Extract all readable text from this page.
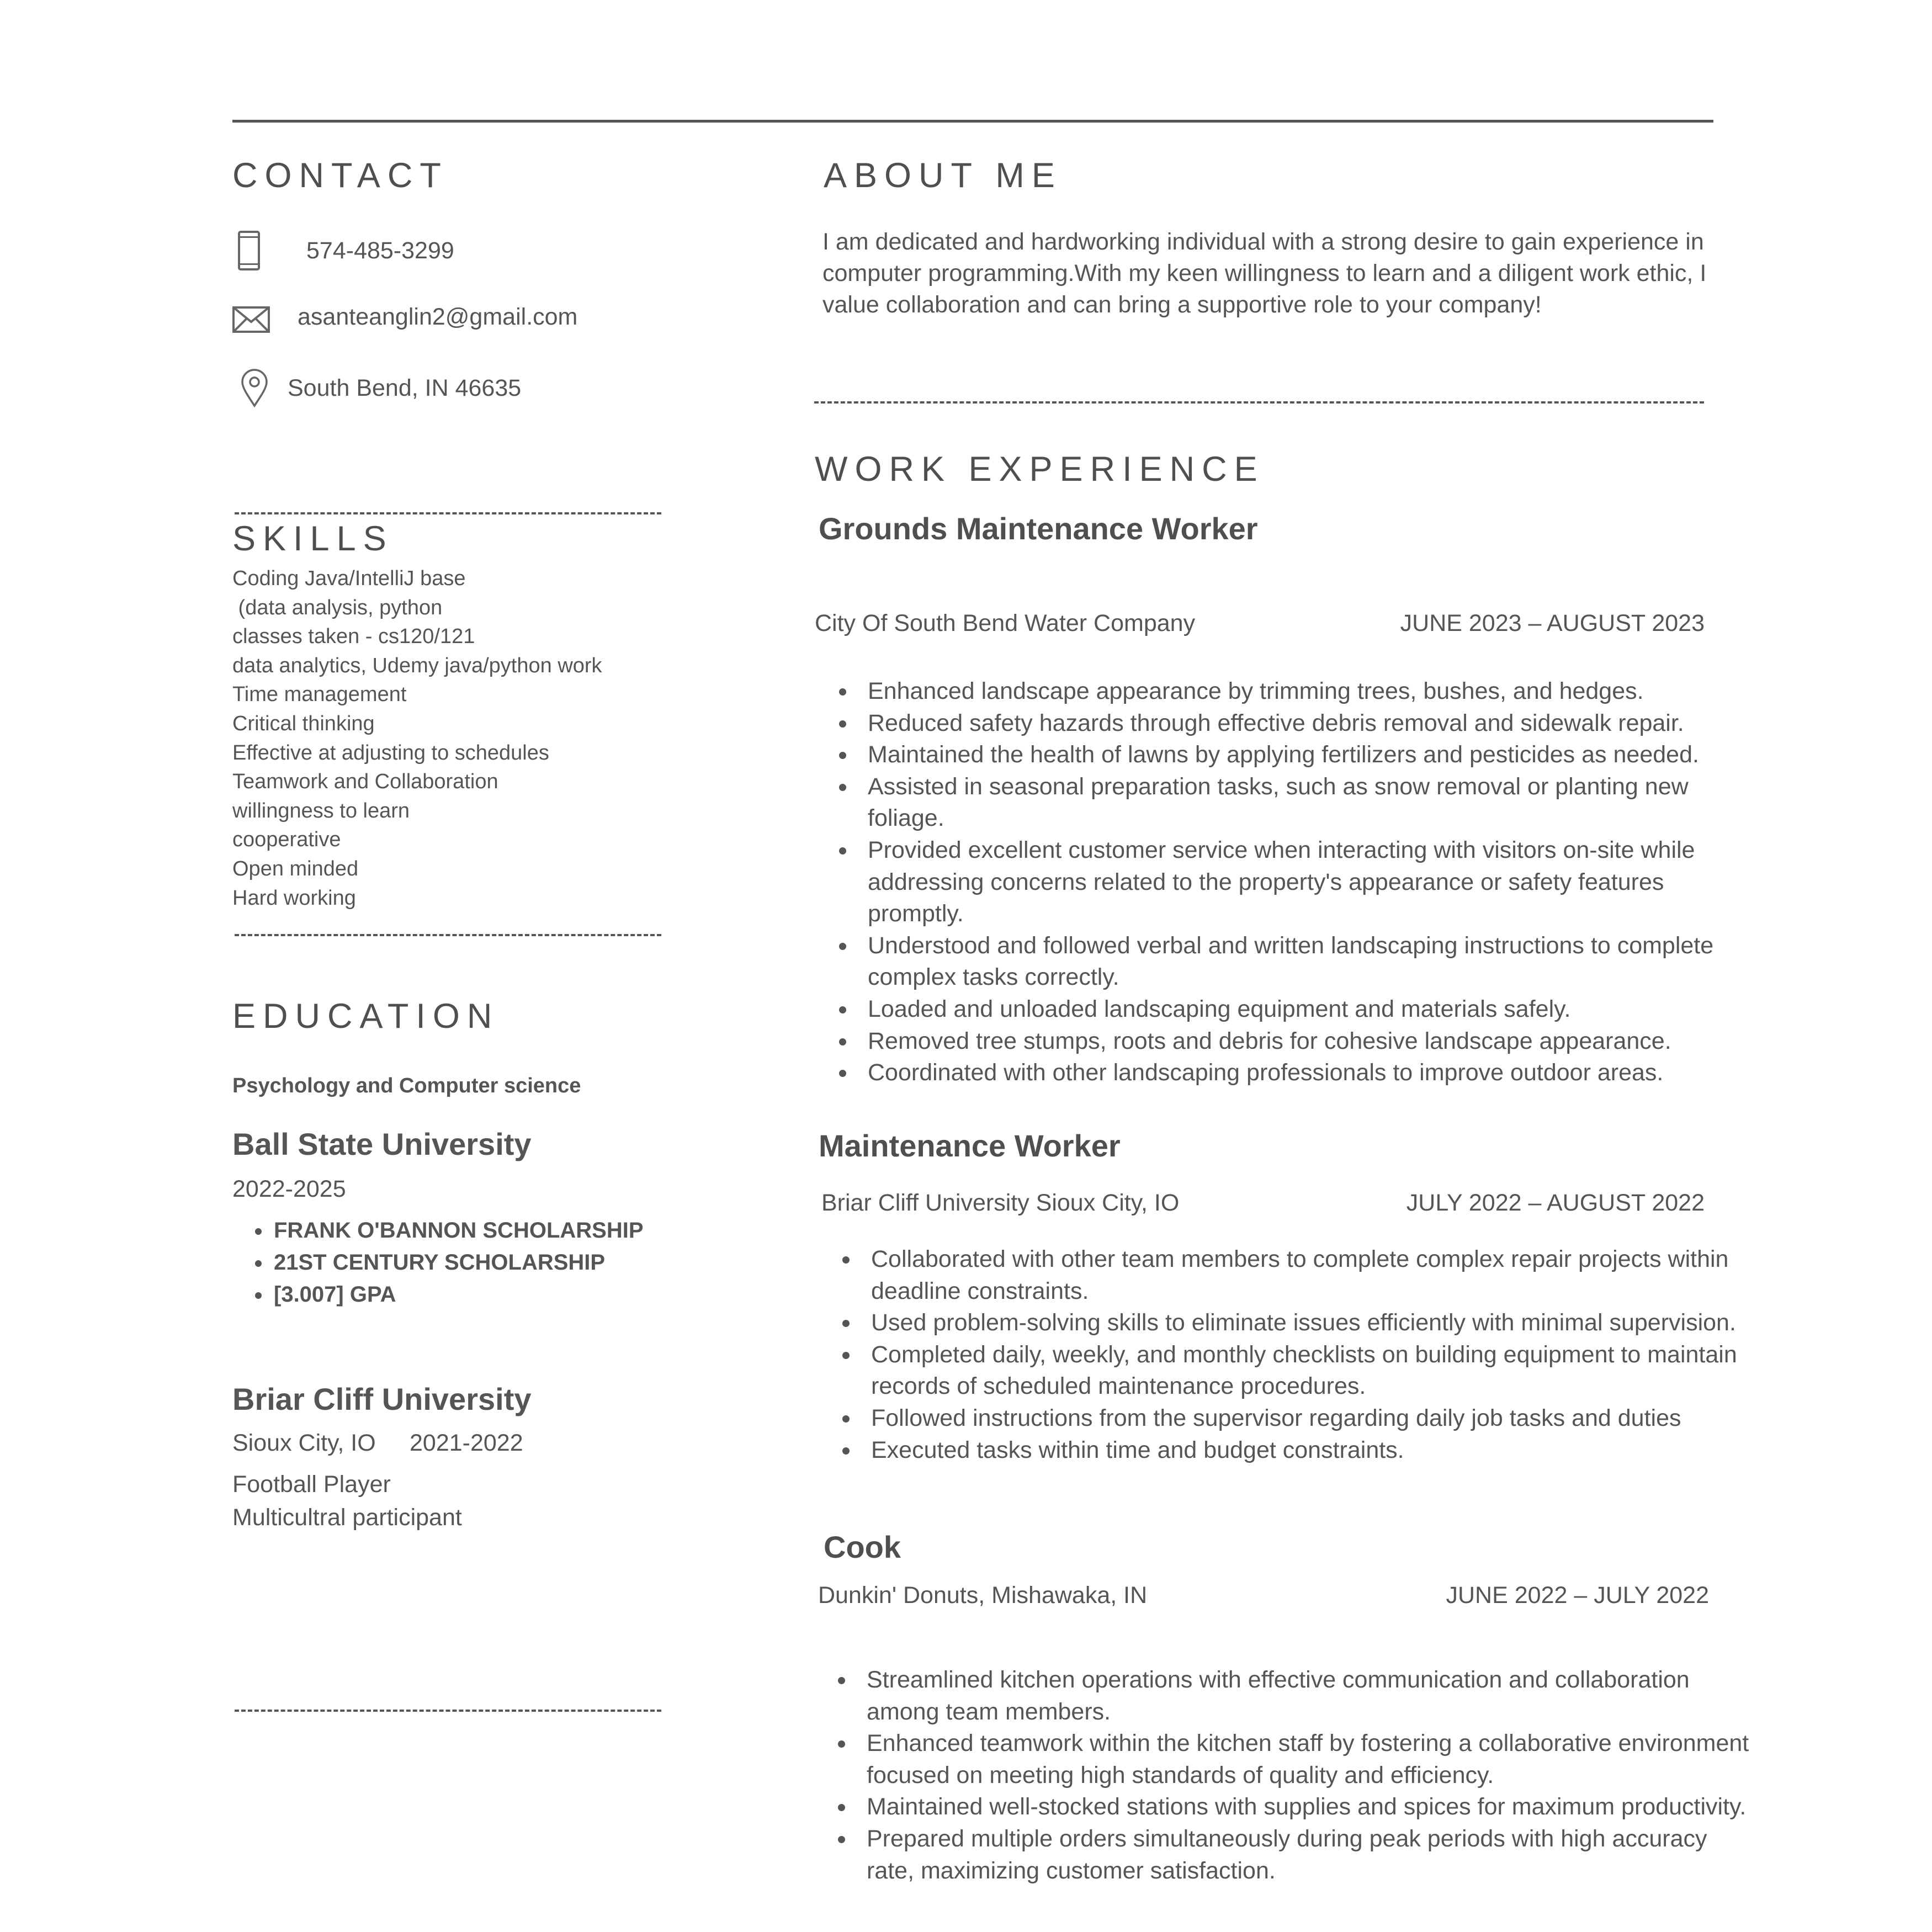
CONTACT
574-485-3299
asanteanglin2@gmail.com
South Bend, IN 46635
SKILLS
Coding Java/IntelliJ base
(data analysis, python
classes taken - cs120/121
data analytics, Udemy java/python work
Time management
Critical thinking
Effective at adjusting to schedules
Teamwork and Collaboration
willingness to learn
cooperative
Open minded
Hard working
EDUCATION
Psychology and Computer science
Ball State University
2022-2025
• FRANK O'BANNON SCHOLARSHIP
• 21ST CENTURY SCHOLARSHIP
• [3.007] GPA
Briar Cliff University
Sioux City, IO 2021-2022
Football Player
Multicultral participant
ABOUT ME

I am dedicated and hardworking individual with a strong desire to gain experience in computer programming.With my keen willingness to learn and a diligent work ethic, I value collaboration and can bring a supportive role to your company!

WORK EXPERIENCE
Grounds Maintenance Worker
City Of South Bend Water Company	JUNE 2023 – AUGUST 2023
• Enhanced landscape appearance by trimming trees, bushes, and hedges.
• Reduced safety hazards through effective debris removal and sidewalk repair.
• Maintained the health of lawns by applying fertilizers and pesticides as needed.
• Assisted in seasonal preparation tasks, such as snow removal or planting new foliage.
• Provided excellent customer service when interacting with visitors on-site while addressing concerns related to the property's appearance or safety features promptly.
• Understood and followed verbal and written landscaping instructions to complete complex tasks correctly.
• Loaded and unloaded landscaping equipment and materials safely.
• Removed tree stumps, roots and debris for cohesive landscape appearance.
• Coordinated with other landscaping professionals to improve outdoor areas.
Maintenance Worker
Briar Cliff University Sioux City, IO	JULY 2022 – AUGUST 2022
• Collaborated with other team members to complete complex repair projects within deadline constraints.
• Used problem-solving skills to eliminate issues efficiently with minimal supervision.
• Completed daily, weekly, and monthly checklists on building equipment to maintain records of scheduled maintenance procedures.
• Followed instructions from the supervisor regarding daily job tasks and duties
• Executed tasks within time and budget constraints.
Cook
Dunkin' Donuts, Mishawaka, IN	JUNE 2022 – JULY 2022
• Streamlined kitchen operations with effective communication and collaboration among team members.
• Enhanced teamwork within the kitchen staff by fostering a collaborative environment focused on meeting high standards of quality and efficiency.
• Maintained well-stocked stations with supplies and spices for maximum productivity.
• Prepared multiple orders simultaneously during peak periods with high accuracy rate, maximizing customer satisfaction.
